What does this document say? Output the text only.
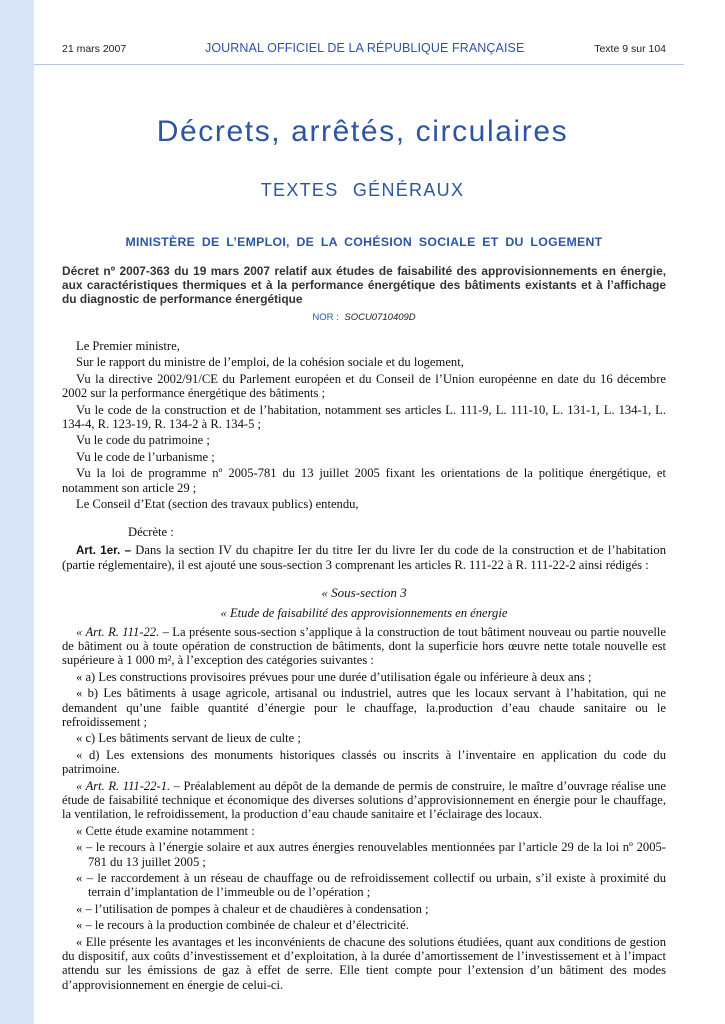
21 mars 2007	JOURNAL OFFICIEL DE LA RÉPUBLIQUE FRANÇAISE	Texte 9 sur 104
Décrets, arrêtés, circulaires
TEXTES GÉNÉRAUX

MINISTÈRE DE L’EMPLOI, DE LA COHÉSION SOCIALE ET DU LOGEMENT

Décret nº 2007-363 du 19 mars 2007 relatif aux études de faisabilité des approvisionnements en énergie, aux caractéristiques thermiques et à la performance énergétique des bâtiments existants et à l’affichage du diagnostic de performance énergétique

NOR : SOCU0710409D

Le Premier ministre,

Sur le rapport du ministre de l’emploi, de la cohésion sociale et du logement,

Vu la directive 2002/91/CE du Parlement européen et du Conseil de l’Union européenne en date du 16 décembre 2002 sur la performance énergétique des bâtiments ;

Vu le code de la construction et de l’habitation, notamment ses articles L. 111-9, L. 111-10, L. 131-1, L. 134-1, L. 134-4, R. 123-19, R. 134-2 à R. 134-5 ;

Vu le code du patrimoine ;

Vu le code de l’urbanisme ;

Vu la loi de programme nº 2005-781 du 13 juillet 2005 fixant les orientations de la politique énergétique, et notamment son article 29 ;

Le Conseil d’Etat (section des travaux publics) entendu,

Décrète :

Art. 1er. – Dans la section IV du chapitre Ier du titre Ier du livre Ier du code de la construction et de l’habitation (partie réglementaire), il est ajouté une sous-section 3 comprenant les articles R. 111-22 à R. 111-22-2 ainsi rédigés :

« Sous-section 3

« Etude de faisabilité des approvisionnements en énergie

« Art. R. 111-22. – La présente sous-section s’applique à la construction de tout bâtiment nouveau ou partie nouvelle de bâtiment ou à toute opération de construction de bâtiments, dont la superficie hors œuvre nette totale nouvelle est supérieure à 1 000 m², à l’exception des catégories suivantes :

« a) Les constructions provisoires prévues pour une durée d’utilisation égale ou inférieure à deux ans ;

« b) Les bâtiments à usage agricole, artisanal ou industriel, autres que les locaux servant à l’habitation, qui ne demandent qu’une faible quantité d’énergie pour le chauffage, la.production d’eau chaude sanitaire ou le refroidissement ;

« c) Les bâtiments servant de lieux de culte ;

« d) Les extensions des monuments historiques classés ou inscrits à l’inventaire en application du code du patrimoine.

« Art. R. 111-22-1. – Préalablement au dépôt de la demande de permis de construire, le maître d’ouvrage réalise une étude de faisabilité technique et économique des diverses solutions d’approvisionnement en énergie pour le chauffage, la ventilation, le refroidissement, la production d’eau chaude sanitaire et l’éclairage des locaux.

« Cette étude examine notamment :

« – le recours à l’énergie solaire et aux autres énergies renouvelables mentionnées par l’article 29 de la loi nº 2005-781 du 13 juillet 2005 ;

« – le raccordement à un réseau de chauffage ou de refroidissement collectif ou urbain, s’il existe à proximité du terrain d’implantation de l’immeuble ou de l’opération ;

« – l’utilisation de pompes à chaleur et de chaudières à condensation ;

« – le recours à la production combinée de chaleur et d’électricité.

« Elle présente les avantages et les inconvénients de chacune des solutions étudiées, quant aux conditions de gestion du dispositif, aux coûts d’investissement et d’exploitation, à la durée d’amortissement de l’investissement et à l’impact attendu sur les émissions de gaz à effet de serre. Elle tient compte pour l’extension d’un bâtiment des modes d’approvisionnement en énergie de celui-ci.
